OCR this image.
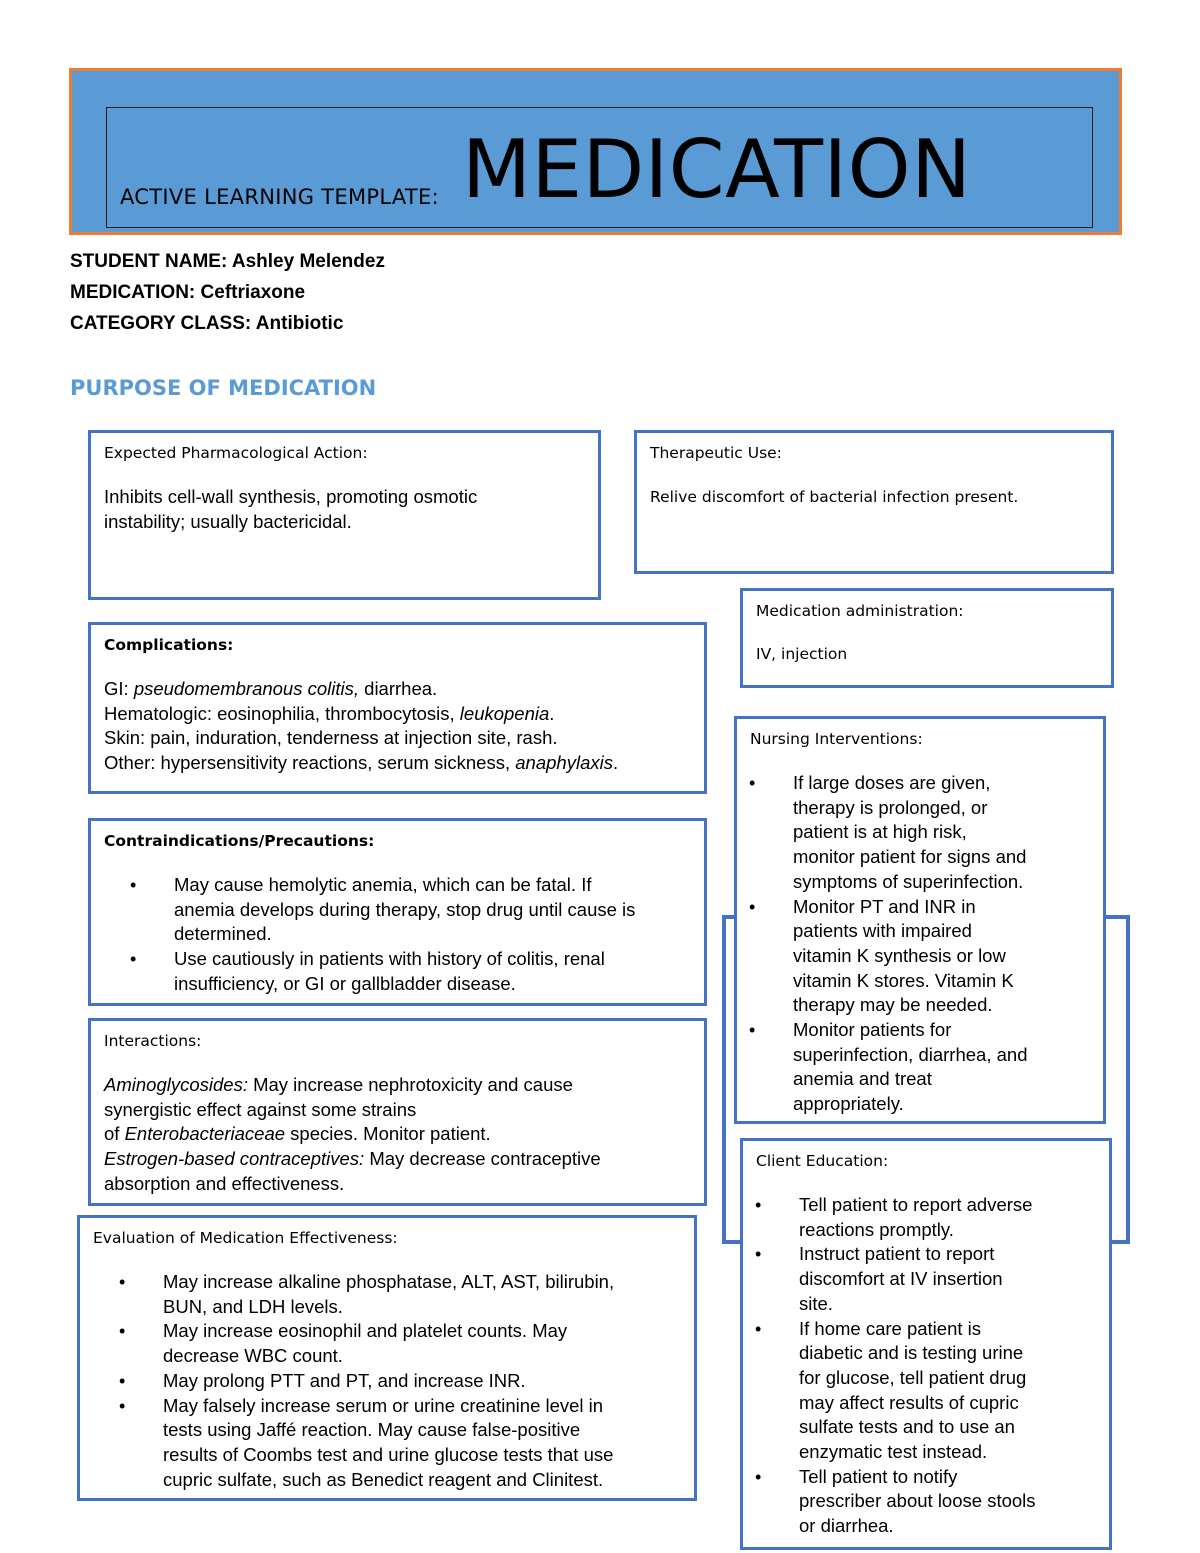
ACTIVE LEARNING TEMPLATE: MEDICATION
STUDENT NAME: Ashley Melendez
MEDICATION: Ceftriaxone
CATEGORY CLASS: Antibiotic
PURPOSE OF MEDICATION
Expected Pharmacological Action:
Inhibits cell-wall synthesis, promoting osmotic
instability; usually bactericidal.
Therapeutic Use:
Relive discomfort of bacterial infection present.
Medication administration:
IV, injection
Complications:
GI: pseudomembranous colitis, diarrhea.
Hematologic: eosinophilia, thrombocytosis, leukopenia.
Skin: pain, induration, tenderness at injection site, rash.
Other: hypersensitivity reactions, serum sickness, anaphylaxis.
Nursing Interventions:
• If large doses are given,
therapy is prolonged, or
patient is at high risk,
monitor patient for signs and
symptoms of superinfection.
• Monitor PT and INR in
patients with impaired
vitamin K synthesis or low
vitamin K stores. Vitamin K
therapy may be needed.
• Monitor patients for
superinfection, diarrhea, and
anemia and treat
appropriately.
Contraindications/Precautions:
• May cause hemolytic anemia, which can be fatal. If
anemia develops during therapy, stop drug until cause is
determined.
• Use cautiously in patients with history of colitis, renal
insufficiency, or GI or gallbladder disease.
Interactions:
Aminoglycosides: May increase nephrotoxicity and cause
synergistic effect against some strains
of Enterobacteriaceae species. Monitor patient.
Estrogen-based contraceptives: May decrease contraceptive
absorption and effectiveness.
Client Education:
• Tell patient to report adverse
reactions promptly.
• Instruct patient to report
discomfort at IV insertion
site.
• If home care patient is
diabetic and is testing urine
for glucose, tell patient drug
may affect results of cupric
sulfate tests and to use an
enzymatic test instead.
• Tell patient to notify
prescriber about loose stools
or diarrhea.
Evaluation of Medication Effectiveness:
• May increase alkaline phosphatase, ALT, AST, bilirubin,
BUN, and LDH levels.
• May increase eosinophil and platelet counts. May
decrease WBC count.
• May prolong PTT and PT, and increase INR.
• May falsely increase serum or urine creatinine level in
tests using Jaffé reaction. May cause false-positive
results of Coombs test and urine glucose tests that use
cupric sulfate, such as Benedict reagent and Clinitest.
